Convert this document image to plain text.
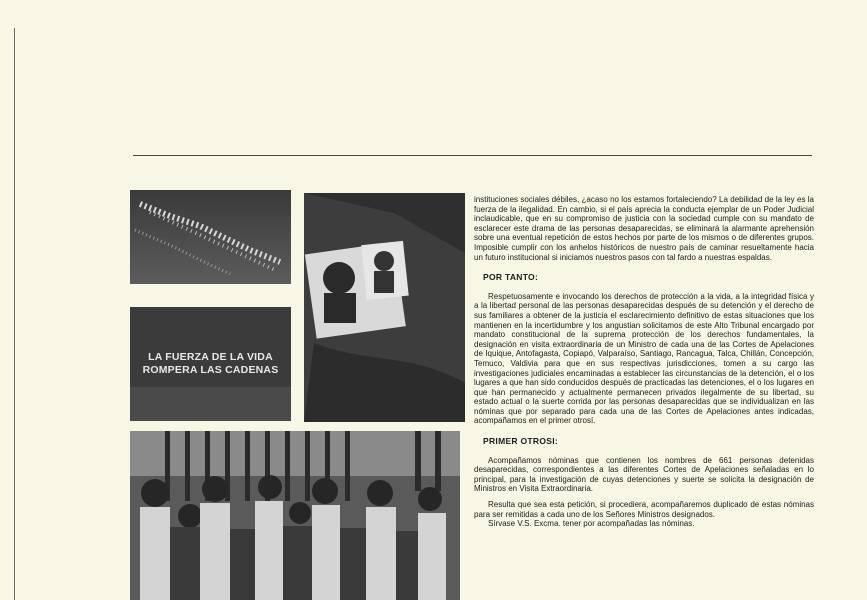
LA FUERZA DE LA VIDA
ROMPERA LAS CADENAS

instituciones sociales débiles, ¿acaso no los estamos fortaleciendo? La debilidad de la ley es la fuerza de la ilegalidad. En cambio, si el país aprecia la conducta ejemplar de un Poder Judicial inclaudicable, que en su compromiso de justicia con la sociedad cumple con su mandato de esclarecer este drama de las personas desaparecidas, se eliminará la alarmante aprehensión sobre una eventual repetición de estos hechos por parte de los mismos o de diferentes grupos. Imposible cumplir con los anhelos históricos de nuestro país de caminar resueltamente hacia un futuro institucional si iniciamos nuestros pasos con tal fardo a nuestras espaldas.

POR TANTO:

Respetuosamente e invocando los derechos de protección a la vida, a la integridad física y a la libertad personal de las personas desaparecidas después de su detención y el derecho de sus familiares a obtener de la justicia el esclarecimiento definitivo de estas situaciones que los mantienen en la incertidumbre y los angustian solicitamos de este Alto Tribunal encargado por mandato constitucional de la suprema protección de los derechos fundamentales, la designación en visita extraordinaria de un Ministro de cada una de las Cortes de Apelaciones de Iquique, Antofagasta, Copiapó, Valparaíso, Santiago, Rancagua, Talca, Chillán, Concepción, Temuco, Valdivia para que en sus respectivas jurisdicciones, tomen a su cargo las investigaciones judiciales encaminadas a establecer las circunstancias de la detención, el o los lugares a que han sido conducidos después de practicadas las detenciones, el o los lugares en que han permanecido y actualmente permanecen privados ilegalmente de su libertad, su estado actual o la suerte corrida por las personas desaparecidas que se individualizan en las nóminas que por separado para cada una de las Cortes de Apelaciones antes indicadas, acompañamos en el primer otrosí.

PRIMER OTROSI:

Acompañamos nóminas que contienen los nombres de 661 personas detenidas desaparecidas, correspondientes a las diferentes Cortes de Apelaciones señaladas en lo principal, para la investigación de cuyas detenciones y suerte se solicita la designación de Ministros en Visita Extraordinaria.

Resulta que sea esta petición, si procediera, acompañaremos duplicado de estas nóminas para ser remitidas a cada uno de los Señores Ministros designados.

Sírvase V.S. Excma. tener por acompañadas las nóminas.
